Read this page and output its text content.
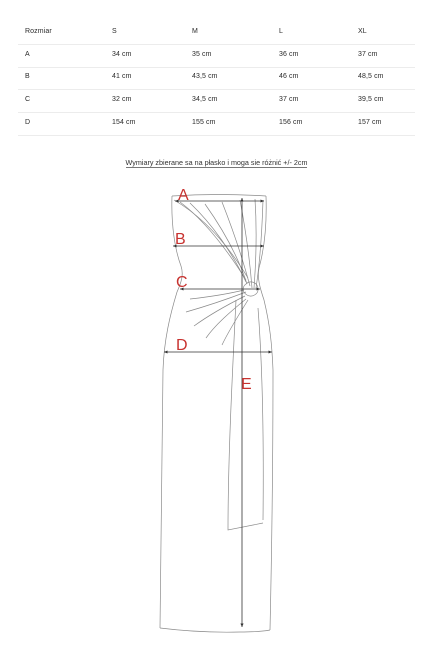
Rozmiar	S	M	L	XL
A	34 cm	35 cm	36 cm	37 cm
B	41 cm	43,5 cm	46 cm	48,5 cm
C	32 cm	34,5 cm	37 cm	39,5 cm
D	154 cm	155 cm	156 cm	157 cm
Wymiary zbierane sa na płasko i moga sie różnić +/- 2cm
A
B
C
D
E
